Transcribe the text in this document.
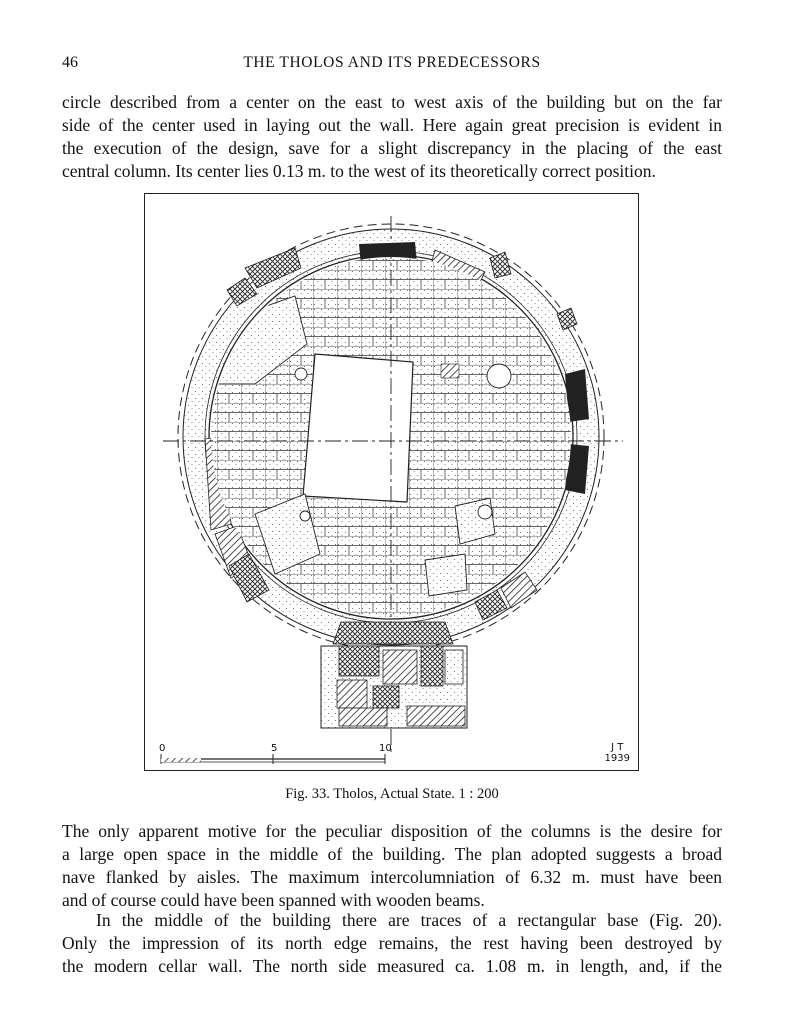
46	THE THOLOS AND ITS PREDECESSORS
circle described from a center on the east to west axis of the building but on the far
side of the center used in laying out the wall. Here again great precision is evident in
the execution of the design, save for a slight discrepancy in the placing of the east
central column. Its center lies 0.13 m. to the west of its theoretically correct position.
0	5	10	J T
1939
Fig. 33. Tholos, Actual State. 1 : 200
The only apparent motive for the peculiar disposition of the columns is the desire for
a large open space in the middle of the building. The plan adopted suggests a broad
nave flanked by aisles. The maximum intercolumniation of 6.32 m. must have been
and of course could have been spanned with wooden beams.
In the middle of the building there are traces of a rectangular base (Fig. 20).
Only the impression of its north edge remains, the rest having been destroyed by
the modern cellar wall. The north side measured ca. 1.08 m. in length, and, if the
